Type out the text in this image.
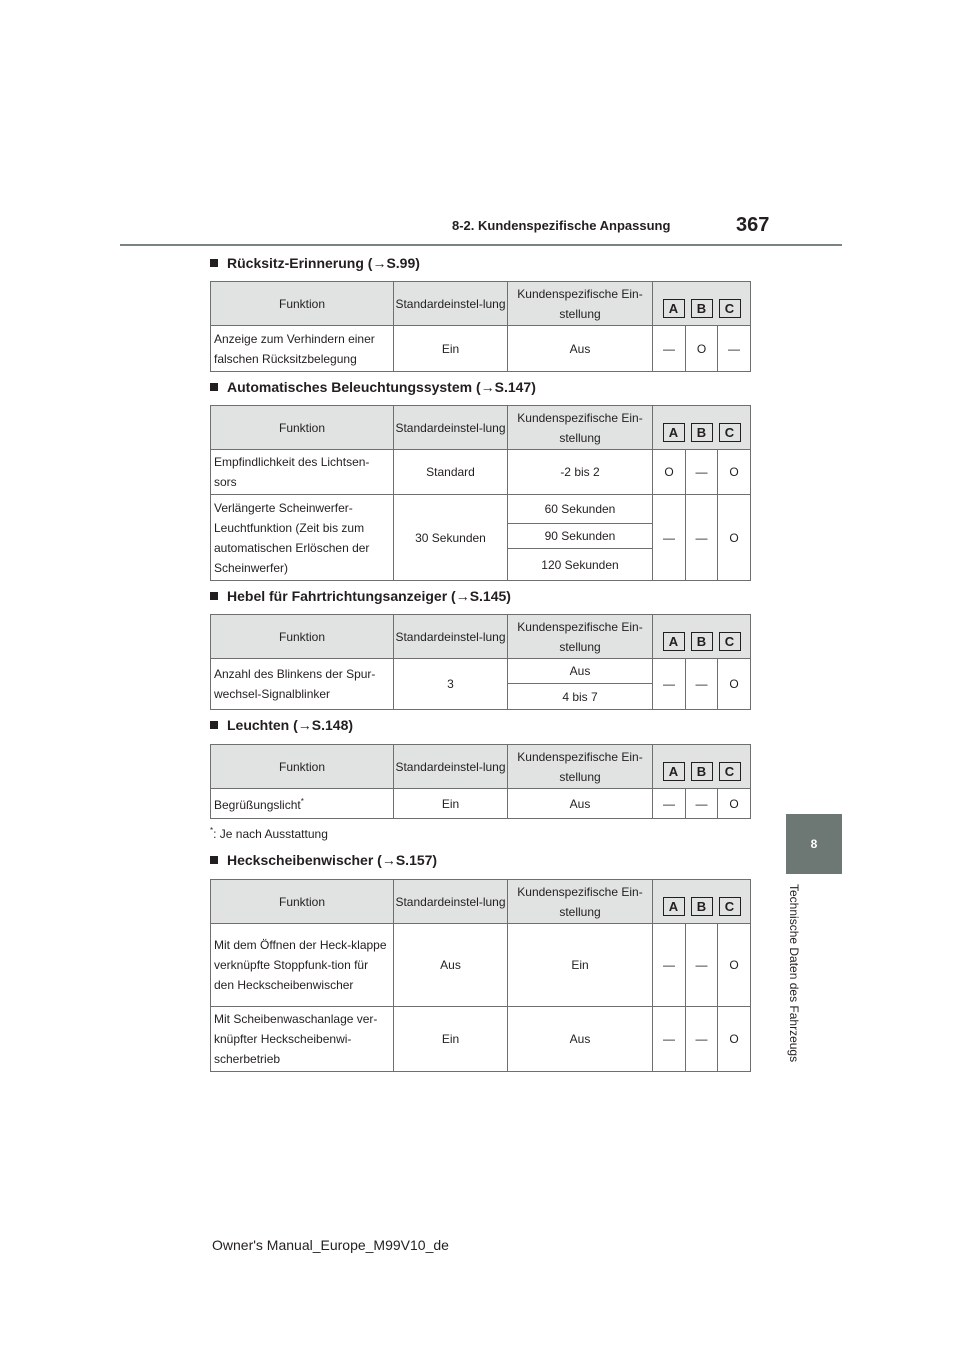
8-2. Kundenspezifische Anpassung	367
8
Technische Daten des Fahrzeugs
Rücksitz-Erinnerung (→S.99)
Funktion	Standardeinstel-lung	Kundenspezifische Ein-stellung	A B C		

Anzeige zum Verhindern einer falschen Rücksitzbelegung	Ein	Aus	—	O	—
Automatisches Beleuchtungssystem (→S.147)
Funktion	Standardeinstel-lung	Kundenspezifische Ein-stellung	A B C		

Empfindlichkeit des Lichtsen-sors	Standard	-2 bis 2	O	—	O
Verlängerte Scheinwerfer-Leuchtfunktion (Zeit bis zum automatischen Erlöschen der Scheinwerfer)	30 Sekunden	60 Sekunden	—	—	O
		90 Sekunden			
		120 Sekunden			
Hebel für Fahrtrichtungsanzeiger (→S.145)
Funktion	Standardeinstel-lung	Kundenspezifische Ein-stellung	A B C		

Anzahl des Blinkens der Spur-wechsel-Signalblinker	3	Aus	—	—	O
		4 bis 7			
Leuchten (→S.148)
Funktion	Standardeinstel-lung	Kundenspezifische Ein-stellung	A B C		

Begrüßungslicht*	Ein	Aus	—	—	O
*: Je nach Ausstattung
Heckscheibenwischer (→S.157)
Funktion	Standardeinstel-lung	Kundenspezifische Ein-stellung	A B C		

Mit dem Öffnen der Heck-klappe verknüpfte Stoppfunk-tion für den Heckscheibenwischer	Aus	Ein	—	—	O
Mit Scheibenwaschanlage ver-knüpfter Heckscheibenwi-scherbetrieb	Ein	Aus	—	—	O
Owner's Manual_Europe_M99V10_de
